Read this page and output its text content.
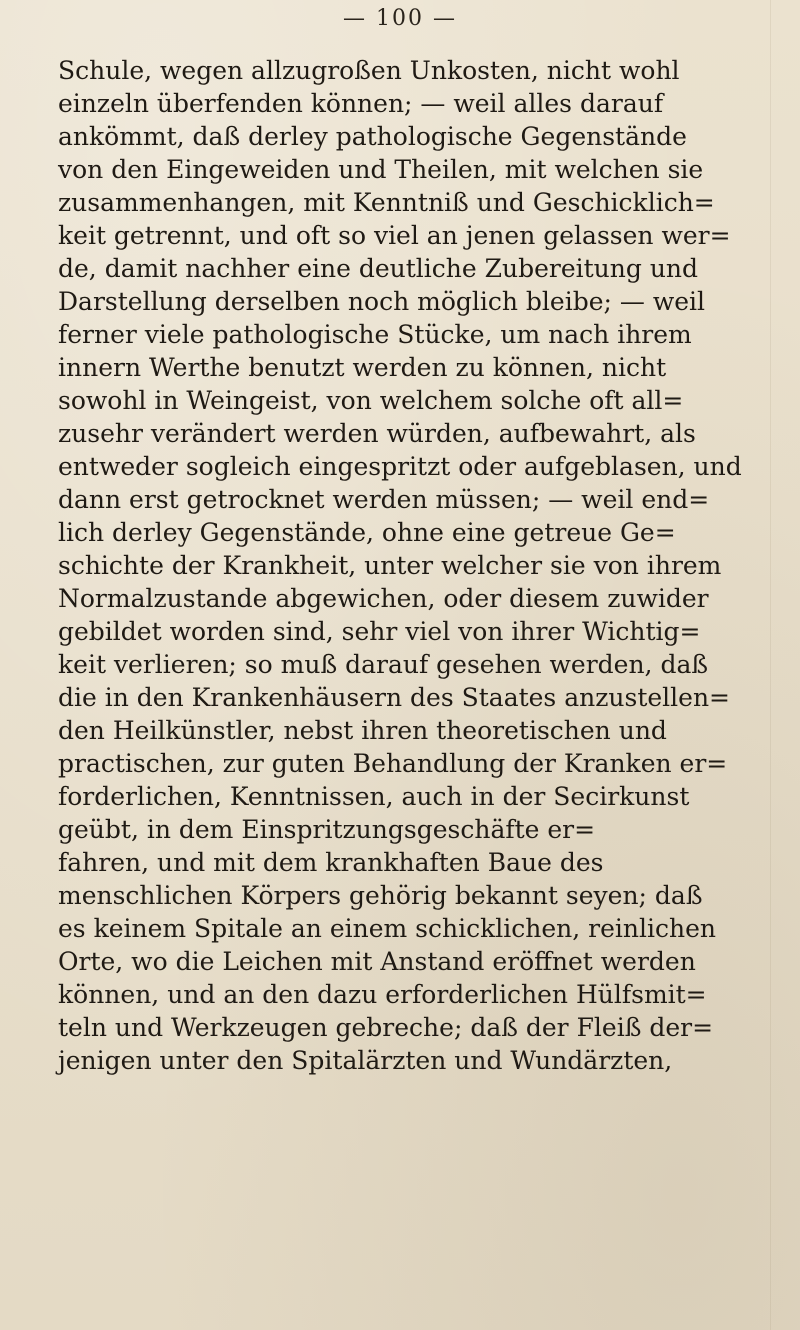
— 100 —
Schule, wegen allzugroßen Unkosten, nicht wohl
einzeln überfenden können; — weil alles darauf
ankömmt, daß derley pathologische Gegenstände
von den Eingeweiden und Theilen, mit welchen sie
zusammenhangen, mit Kenntniß und Geschicklich=
keit getrennt, und oft so viel an jenen gelassen wer=
de, damit nachher eine deutliche Zubereitung und
Darstellung derselben noch möglich bleibe; — weil
ferner viele pathologische Stücke, um nach ihrem
innern Werthe benutzt werden zu können, nicht
sowohl in Weingeist, von welchem solche oft all=
zusehr verändert werden würden, aufbewahrt, als
entweder sogleich eingespritzt oder aufgeblasen, und
dann erst getrocknet werden müssen; — weil end=
lich derley Gegenstände, ohne eine getreue Ge=
schichte der Krankheit, unter welcher sie von ihrem
Normalzustande abgewichen, oder diesem zuwider
gebildet worden sind, sehr viel von ihrer Wichtig=
keit verlieren; so muß darauf gesehen werden, daß
die in den Krankenhäusern des Staates anzustellen=
den Heilkünstler, nebst ihren theoretischen und
practischen, zur guten Behandlung der Kranken er=
forderlichen, Kenntnissen, auch in der Secirkunst
geübt, in dem Einspritzungsgeschäfte er=
fahren, und mit dem krankhaften Baue des
menschlichen Körpers gehörig bekannt seyen; daß
es keinem Spitale an einem schicklichen, reinlichen
Orte, wo die Leichen mit Anstand eröffnet werden
können, und an den dazu erforderlichen Hülfsmit=
teln und Werkzeugen gebreche; daß der Fleiß der=
jenigen unter den Spitalärzten und Wundärzten,
